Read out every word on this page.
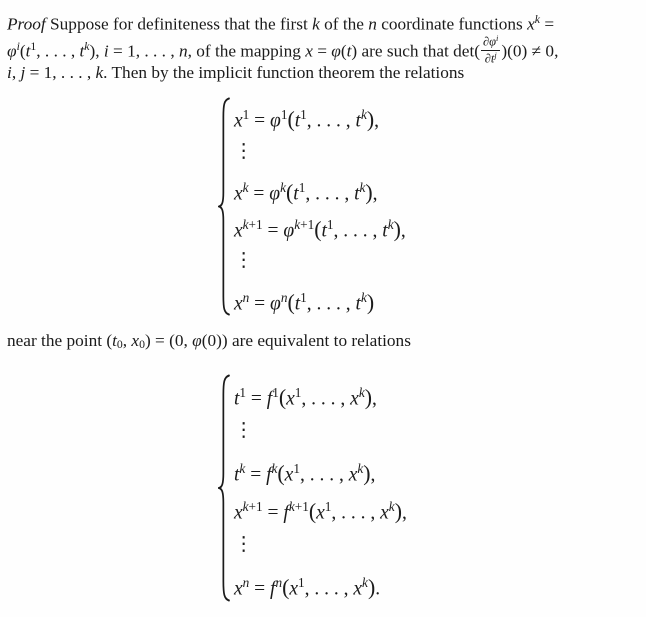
Proof Suppose for definiteness that the first k of the n coordinate functions $x^k$ =
$\varphi^i(t^1$, . . . , $t^k$), i = 1, . . . , n, of the mapping x = φ(t) are such that $\det( \frac{\partial\varphi^i}{\partial t^j} )(0) \ne 0$,
i, j = 1, . . . , k. Then by the implicit function theorem the relations
$x^1 = \varphi^1(t^1$, . . . , $t^k$),
⋮
$x^k = \varphi^k(t^1$, . . . , $t^k$),
$x^{k+1} = \varphi^{k+1}(t^1$, . . . , $t^k$),
⋮
$x^n = \varphi^n(t^1$, . . . , $t^k$)
near the point (t0, x0) = (0, φ(0)) are equivalent to relations
$t^1 = f^1(x^1$, . . . , $x^k$),
⋮
$t^k = f^k(x^1$, . . . , $x^k$),
$x^{k+1} = f^{k+1}(x^1$, . . . , $x^k$),
⋮
$x^n = f^n(x^1$, . . . , $x^k$).
